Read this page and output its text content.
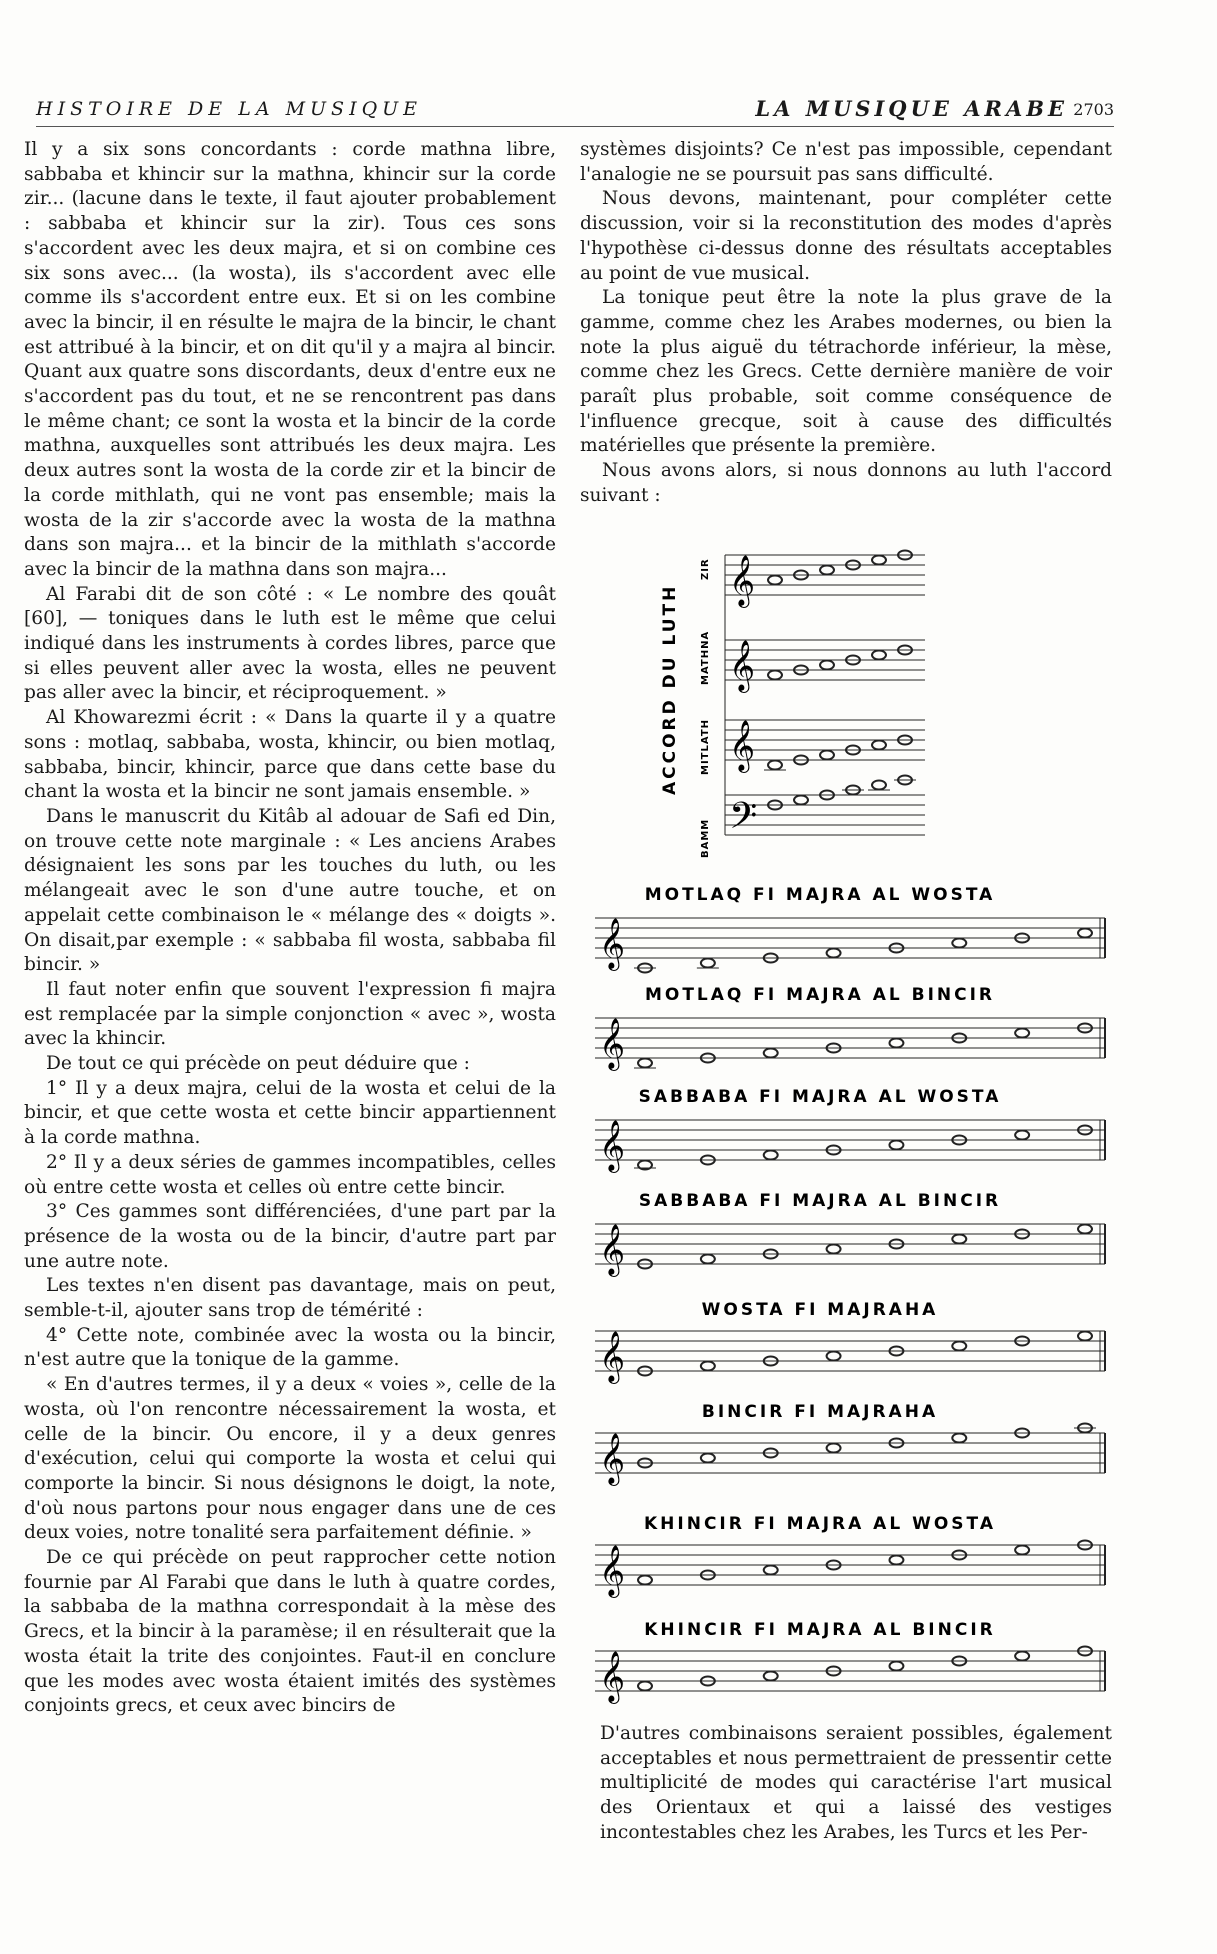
HISTOIRE DE LA MUSIQUE	LA MUSIQUE ARABE 2703

Il y a six sons concordants : corde mathna libre, sabbaba et khincir sur la mathna, khincir sur la corde zir... (lacune dans le texte, il faut ajouter probablement : sabbaba et khincir sur la zir). Tous ces sons s'accordent avec les deux majra, et si on combine ces six sons avec... (la wosta), ils s'accordent avec elle comme ils s'accordent entre eux. Et si on les combine avec la bincir, il en résulte le majra de la bincir, le chant est attribué à la bincir, et on dit qu'il y a majra al bincir. Quant aux quatre sons discordants, deux d'entre eux ne s'accordent pas du tout, et ne se rencontrent pas dans le même chant; ce sont la wosta et la bincir de la corde mathna, auxquelles sont attribués les deux majra. Les deux autres sont la wosta de la corde zir et la bincir de la corde mithlath, qui ne vont pas ensemble; mais la wosta de la zir s'accorde avec la wosta de la mathna dans son majra... et la bincir de la mithlath s'accorde avec la bincir de la mathna dans son majra...

Al Farabi dit de son côté : « Le nombre des qouât [60], — toniques dans le luth est le même que celui indiqué dans les instruments à cordes libres, parce que si elles peuvent aller avec la wosta, elles ne peuvent pas aller avec la bincir, et réciproquement. »

Al Khowarezmi écrit : « Dans la quarte il y a quatre sons : motlaq, sabbaba, wosta, khincir, ou bien motlaq, sabbaba, bincir, khincir, parce que dans cette base du chant la wosta et la bincir ne sont jamais ensemble. »

Dans le manuscrit du Kitâb al adouar de Safi ed Din, on trouve cette note marginale : « Les anciens Arabes désignaient les sons par les touches du luth, ou les mélangeait avec le son d'une autre touche, et on appelait cette combinaison le « mélange des « doigts ». On disait,par exemple : « sabbaba fil wosta, sabbaba fil bincir. »

Il faut noter enfin que souvent l'expression fi majra est remplacée par la simple conjonction « avec », wosta avec la khincir.

De tout ce qui précède on peut déduire que :

1° Il y a deux majra, celui de la wosta et celui de la bincir, et que cette wosta et cette bincir appartiennent à la corde mathna.

2° Il y a deux séries de gammes incompatibles, celles où entre cette wosta et celles où entre cette bincir.

3° Ces gammes sont différenciées, d'une part par la présence de la wosta ou de la bincir, d'autre part par une autre note.

Les textes n'en disent pas davantage, mais on peut, semble-t-il, ajouter sans trop de témérité :

4° Cette note, combinée avec la wosta ou la bincir, n'est autre que la tonique de la gamme.

« En d'autres termes, il y a deux « voies », celle de la wosta, où l'on rencontre nécessairement la wosta, et celle de la bincir. Ou encore, il y a deux genres d'exécution, celui qui comporte la wosta et celui qui comporte la bincir. Si nous désignons le doigt, la note, d'où nous partons pour nous engager dans une de ces deux voies, notre tonalité sera parfaitement définie. »

De ce qui précède on peut rapprocher cette notion fournie par Al Farabi que dans le luth à quatre cordes, la sabbaba de la mathna correspondait à la mèse des Grecs, et la bincir à la paramèse; il en résulterait que la wosta était la trite des conjointes. Faut-il en conclure que les modes avec wosta étaient imités des systèmes conjoints grecs, et ceux avec bincirs de

systèmes disjoints? Ce n'est pas impossible, cependant l'analogie ne se poursuit pas sans difficulté.

Nous devons, maintenant, pour compléter cette discussion, voir si la reconstitution des modes d'après l'hypothèse ci-dessus donne des résultats acceptables au point de vue musical.

La tonique peut être la note la plus grave de la gamme, comme chez les Arabes modernes, ou bien la note la plus aiguë du tétrachorde inférieur, la mèse, comme chez les Grecs. Cette dernière manière de voir paraît plus probable, soit comme conséquence de l'influence grecque, soit à cause des difficultés matérielles que présente la première.

Nous avons alors, si nous donnons au luth l'accord suivant :

ACCORD DU LUTH
ZIR
MATHNA
MITLATH
BAMM
𝄞
𝄞
𝄞
𝄢
MOTLAQ FI MAJRA AL WOSTA
MOTLAQ FI MAJRA AL BINCIR
SABBABA FI MAJRA AL WOSTA
SABBABA FI MAJRA AL BINCIR
WOSTA FI MAJRAHA
BINCIR FI MAJRAHA
KHINCIR FI MAJRA AL WOSTA
KHINCIR FI MAJRA AL BINCIR
𝄞
𝄞
𝄞
𝄞
𝄞
𝄞
𝄞
𝄞

D'autres combinaisons seraient possibles, également acceptables et nous permettraient de pressentir cette multiplicité de modes qui caractérise l'art musical des Orientaux et qui a laissé des vestiges incontestables chez les Arabes, les Turcs et les Per-
